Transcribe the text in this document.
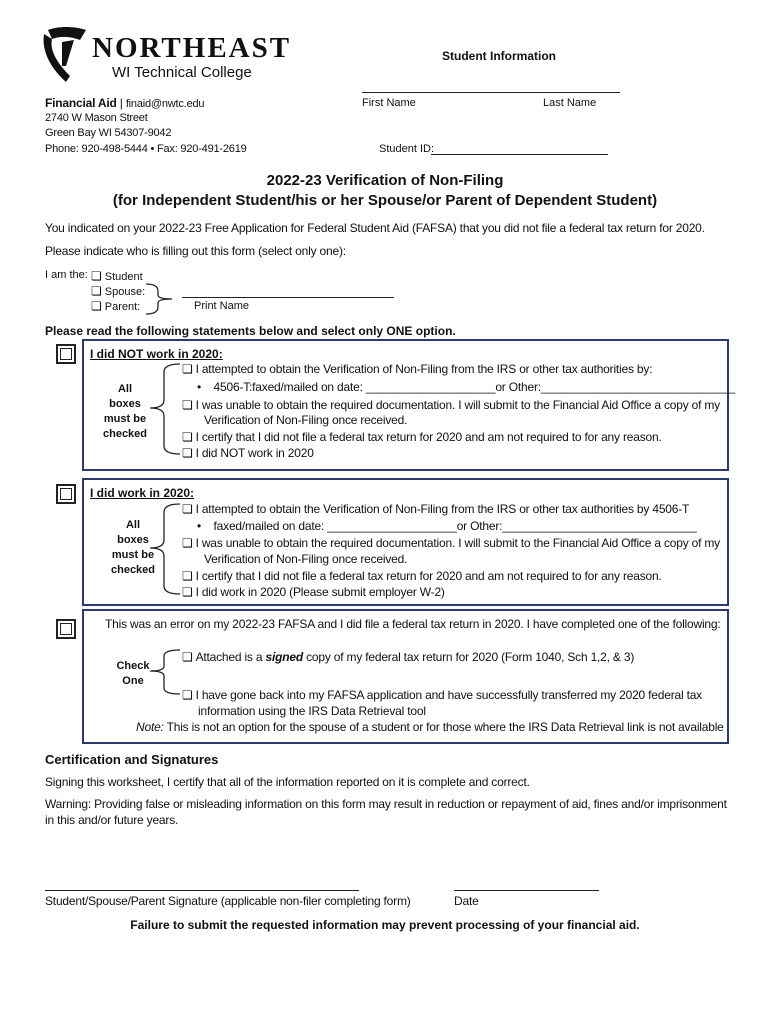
NORTHEAST
WI Technical College
Financial Aid | finaid@nwtc.edu
2740 W Mason Street
Green Bay WI 54307-9042
Phone: 920-498-5444 • Fax: 920-491-2619
Student Information
First Name	Last Name
Student ID:
2022-23 Verification of Non-Filing
(for Independent Student/his or her Spouse/or Parent of Dependent Student)
You indicated on your 2022-23 Free Application for Federal Student Aid (FAFSA) that you did not file a federal tax return for 2020.
Please indicate who is filling out this form (select only one):
I am the: ❏ Student
❏ Spouse:
❏ Parent:	Print Name
Please read the following statements below and select only ONE option.
I did NOT work in 2020:
All
boxes
must be
checked
❏ I attempted to obtain the Verification of Non-Filing from the IRS or other tax authorities by:
•    4506-T:faxed/mailed on date: ____________________or Other:______________________________
❏ I was unable to obtain the required documentation. I will submit to the Financial Aid Office a copy of my
Verification of Non-Filing once received.
❏ I certify that I did not file a federal tax return for 2020 and am not required to for any reason.
❏ I did NOT work in 2020
I did work in 2020:
All
boxes
must be
checked
❏ I attempted to obtain the Verification of Non-Filing from the IRS or other tax authorities by 4506-T
•    faxed/mailed on date: ____________________or Other:______________________________
❏ I was unable to obtain the required documentation. I will submit to the Financial Aid Office a copy of my
Verification of Non-Filing once received.
❏ I certify that I did not file a federal tax return for 2020 and am not required to for any reason.
❏ I did work in 2020 (Please submit employer W-2)
This was an error on my 2022-23 FAFSA and I did file a federal tax return in 2020. I have completed one of the following:
Check
One
❏ Attached is a signed copy of my federal tax return for 2020 (Form 1040, Sch 1,2, & 3)
❏ I have gone back into my FAFSA application and have successfully transferred my 2020 federal tax
information using the IRS Data Retrieval tool
Note: This is not an option for the spouse of a student or for those where the IRS Data Retrieval link is not available
Certification and Signatures
Signing this worksheet, I certify that all of the information reported on it is complete and correct.
Warning: Providing false or misleading information on this form may result in reduction or repayment of aid, fines and/or imprisonment
in this and/or future years.
Student/Spouse/Parent Signature (applicable non-filer completing form)	Date
Failure to submit the requested information may prevent processing of your financial aid.
